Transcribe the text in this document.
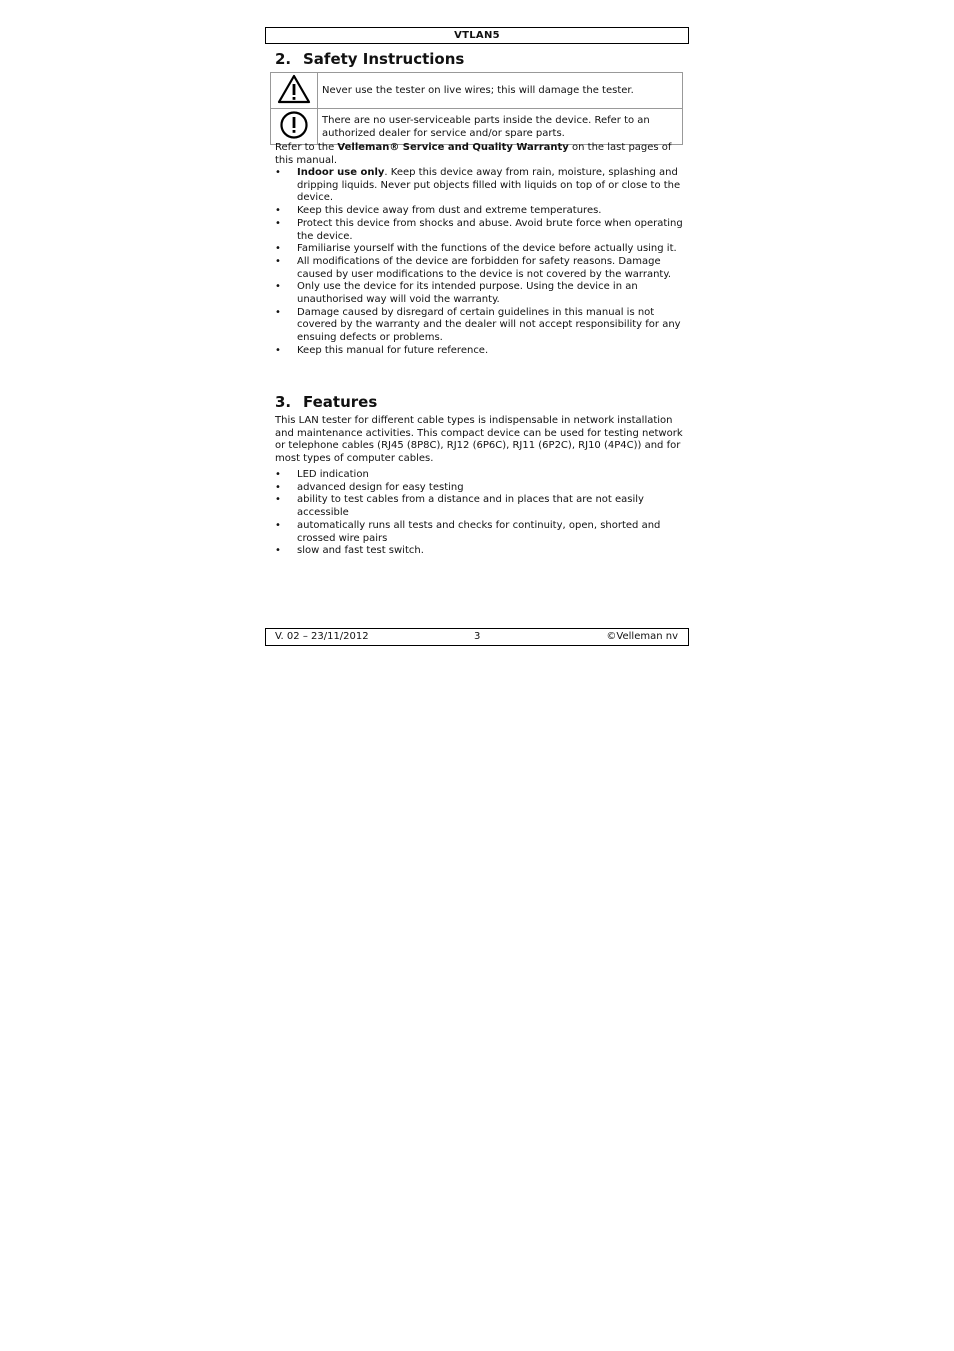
VTLAN5
2. Safety Instructions
	Never use the tester on live wires; this will damage the tester.
	There are no user-serviceable parts inside the device. Refer to an authorized dealer for service and/or spare parts.
Refer to the Velleman® Service and Quality Warranty on the last pages of this manual.
• Indoor use only. Keep this device away from rain, moisture, splashing and dripping liquids. Never put objects filled with liquids on top of or close to the device.
• Keep this device away from dust and extreme temperatures.
• Protect this device from shocks and abuse. Avoid brute force when operating the device.
• Familiarise yourself with the functions of the device before actually using it.
• All modifications of the device are forbidden for safety reasons. Damage caused by user modifications to the device is not covered by the warranty.
• Only use the device for its intended purpose. Using the device in an unauthorised way will void the warranty.
• Damage caused by disregard of certain guidelines in this manual is not covered by the warranty and the dealer will not accept responsibility for any ensuing defects or problems.
• Keep this manual for future reference.
3. Features
This LAN tester for different cable types is indispensable in network installation and maintenance activities. This compact device can be used for testing network or telephone cables (RJ45 (8P8C), RJ12 (6P6C), RJ11 (6P2C), RJ10 (4P4C)) and for most types of computer cables.
• LED indication
• advanced design for easy testing
• ability to test cables from a distance and in places that are not easily accessible
• automatically runs all tests and checks for continuity, open, shorted and crossed wire pairs
• slow and fast test switch.
V. 02 – 23/11/2012	3	©Velleman nv
